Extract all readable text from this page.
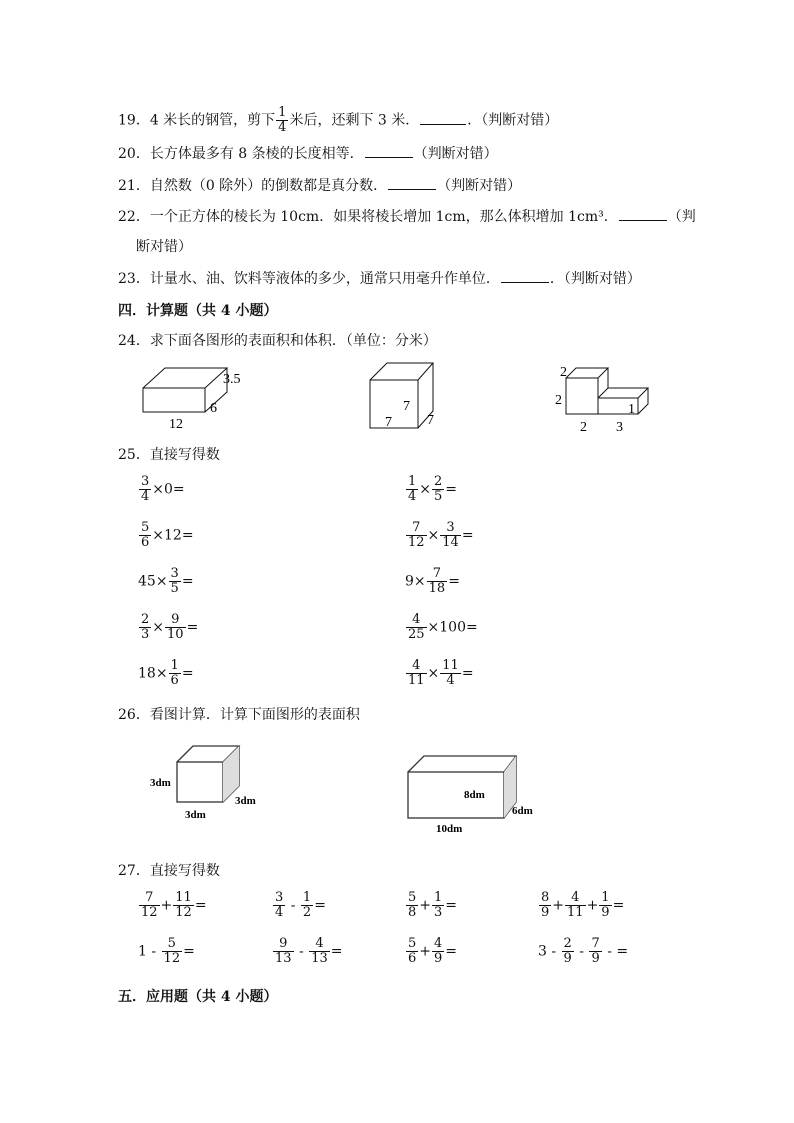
19．4 米长的钢管，剪下 $\frac{1}{4}$ 米后，还剩下 3 米．	．（判断对错）
20．长方体最多有 8 条棱的长度相等．	（判断对错）
21．自然数（0 除外）的倒数都是真分数．	（判断对错）
22．一个正方体的棱长为 10cm．如果将棱长增加 1cm，那么体积增加 1cm³．	（判
断对错）
23．计量水、油、饮料等液体的多少，通常只用毫升作单位．	．（判断对错）
四．计算题（共 4 小题）
24．求下面各图形的表面积和体积．（单位：分米）
12
6
3.5
7
7	7
2
2
1
2 3
25．直接写得数
$\frac{3}{4} \times 0=$	$\frac{1}{4} \times \frac{2}{5}$ =
$\frac{5}{6} \times 12=$	$\frac{7}{12} \times \frac{3}{14}$ =
$45\times \frac{3}{5}$ =	$9\times \frac{7}{18}$ =
$\frac{2}{3} \times \frac{9}{10}$ =	$\frac{4}{25} \times 100=$
$18\times \frac{1}{6}$ =	$\frac{4}{11} \times \frac{11}{4}$ =
26．看图计算．计算下面图形的表面积
3dm
3dm
3dm	8dm
10dm
6dm
27．直接写得数
$\frac{7}{12} + \frac{11}{12}$ =	$\frac{3}{4} - \frac{1}{2}$ =	$\frac{5}{8} + \frac{1}{3}$ =	$\frac{8}{9} + \frac{4}{11} + \frac{1}{9}$ =
$1 - \frac{5}{12}$ =	$\frac{9}{13} - \frac{4}{13}$ =	$\frac{5}{6} + \frac{4}{9}$ =	$3 - \frac{2}{9} - \frac{7}{9}$ - =
五．应用题（共 4 小题）
